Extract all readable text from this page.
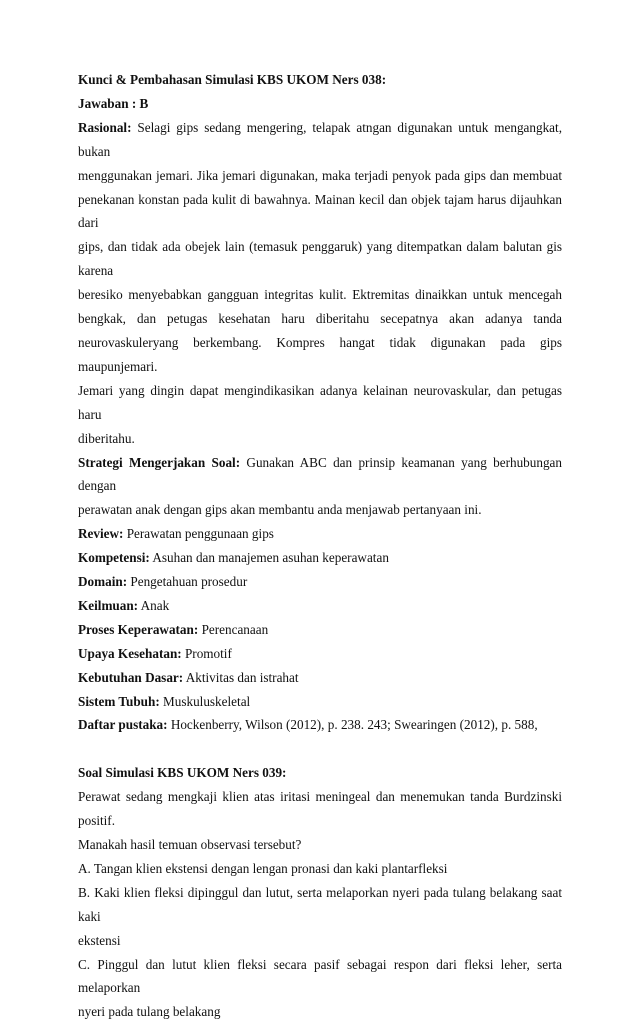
Kunci & Pembahasan Simulasi KBS UKOM Ners 038:
Jawaban : B
Rasional: Selagi gips sedang mengering, telapak atngan digunakan untuk mengangkat, bukan
menggunakan jemari. Jika jemari digunakan, maka terjadi penyok pada gips dan membuat
penekanan konstan pada kulit di bawahnya. Mainan kecil dan objek tajam harus dijauhkan dari
gips, dan tidak ada obejek lain (temasuk penggaruk) yang ditempatkan dalam balutan gis karena
beresiko menyebabkan gangguan integritas kulit. Ektremitas dinaikkan untuk mencegah
bengkak, dan petugas kesehatan haru diberitahu secepatnya akan adanya tanda
neurovaskuleryang berkembang. Kompres hangat tidak digunakan pada gips maupunjemari.
Jemari yang dingin dapat mengindikasikan adanya kelainan neurovaskular, dan petugas haru
diberitahu.
Strategi Mengerjakan Soal: Gunakan ABC dan prinsip keamanan yang berhubungan dengan
perawatan anak dengan gips akan membantu anda menjawab pertanyaan ini.
Review: Perawatan penggunaan gips
Kompetensi: Asuhan dan manajemen asuhan keperawatan
Domain: Pengetahuan prosedur
Keilmuan: Anak
Proses Keperawatan: Perencanaan
Upaya Kesehatan: Promotif
Kebutuhan Dasar: Aktivitas dan istrahat
Sistem Tubuh: Muskuluskeletal
Daftar pustaka: Hockenberry, Wilson (2012), p. 238. 243; Swearingen (2012), p. 588,
Soal Simulasi KBS UKOM Ners 039:
Perawat sedang mengkaji klien atas iritasi meningeal dan menemukan tanda Burdzinski positif.
Manakah hasil temuan observasi tersebut?
A. Tangan klien ekstensi dengan lengan pronasi dan kaki plantarfleksi
B. Kaki klien fleksi dipinggul dan lutut, serta melaporkan nyeri pada tulang belakang saat kaki
ekstensi
C. Pinggul dan lutut klien fleksi secara pasif sebagai respon dari fleksi leher, serta melaporkan
nyeri pada tulang belakang
